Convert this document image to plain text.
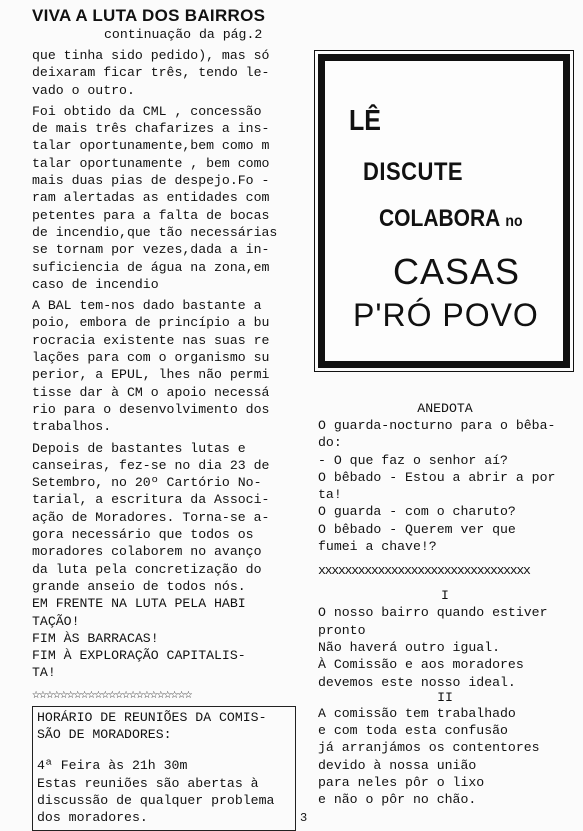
VIVA A LUTA DOS BAIRROS
continuação da pág.2

que tinha sido pedido), mas só

deixaram ficar três, tendo le-

vado o outro.

Foi obtido da CML , concessão

de mais três chafarizes a ins-

talar oportunamente,bem como m

talar oportunamente , bem como

mais duas pias de despejo.Fo -

ram alertadas as entidades com

petentes para a falta de bocas

de incendio,que tão necessárias

se tornam por vezes,dada a in-

suficiencia de água na zona,em

caso de incendio

A BAL tem-nos dado bastante a

poio, embora de princípio a bu

rocracia existente nas suas re

lações para com o organismo su

perior, a EPUL, lhes não permi

tisse dar à CM o apoio necessá

rio para o desenvolvimento dos

trabalhos.

Depois de bastantes lutas e

canseiras, fez-se no dia 23 de

Setembro, no 20º Cartório No-

tarial, a escritura da Associ-

ação de Moradores. Torna-se a-

gora necessário que todos os

moradores colaborem no avanço

da luta pela concretização do

grande anseio de todos nós.

EM FRENTE NA LUTA PELA HABI

TAÇÃO!

FIM ÀS BARRACAS!

FIM À EXPLORAÇÃO CAPITALIS-

TA!

☆☆☆☆☆☆☆☆☆☆☆☆☆☆☆☆☆☆☆☆☆☆☆

HORÁRIO DE REUNIÕES DA COMIS-

SÃO DE MORADORES:

4ª Feira às 21h 30m

Estas reuniões são abertas à

discussão de qualquer problema

dos moradores.

LÊ
DISCUTE
COLABORA no
CASAS
P'RÓ POVO
ANEDOTA

O guarda-nocturno para o bêba-

do:

- O que faz o senhor aí?

O bêbado - Estou a abrir a por

ta!

O guarda - com o charuto?

O bêbado - Querem ver que

fumei a chave!?

xxxxxxxxxxxxxxxxxxxxxxxxxxxxxxxx
I

O nosso bairro quando estiver

pronto

Não haverá outro igual.

À Comissão e aos moradores

devemos este nosso ideal.

II

A comissão tem trabalhado

e com toda esta confusão

já arranjámos os contentores

devido à nossa união

para neles pôr o lixo

e não o pôr no chão.

3
